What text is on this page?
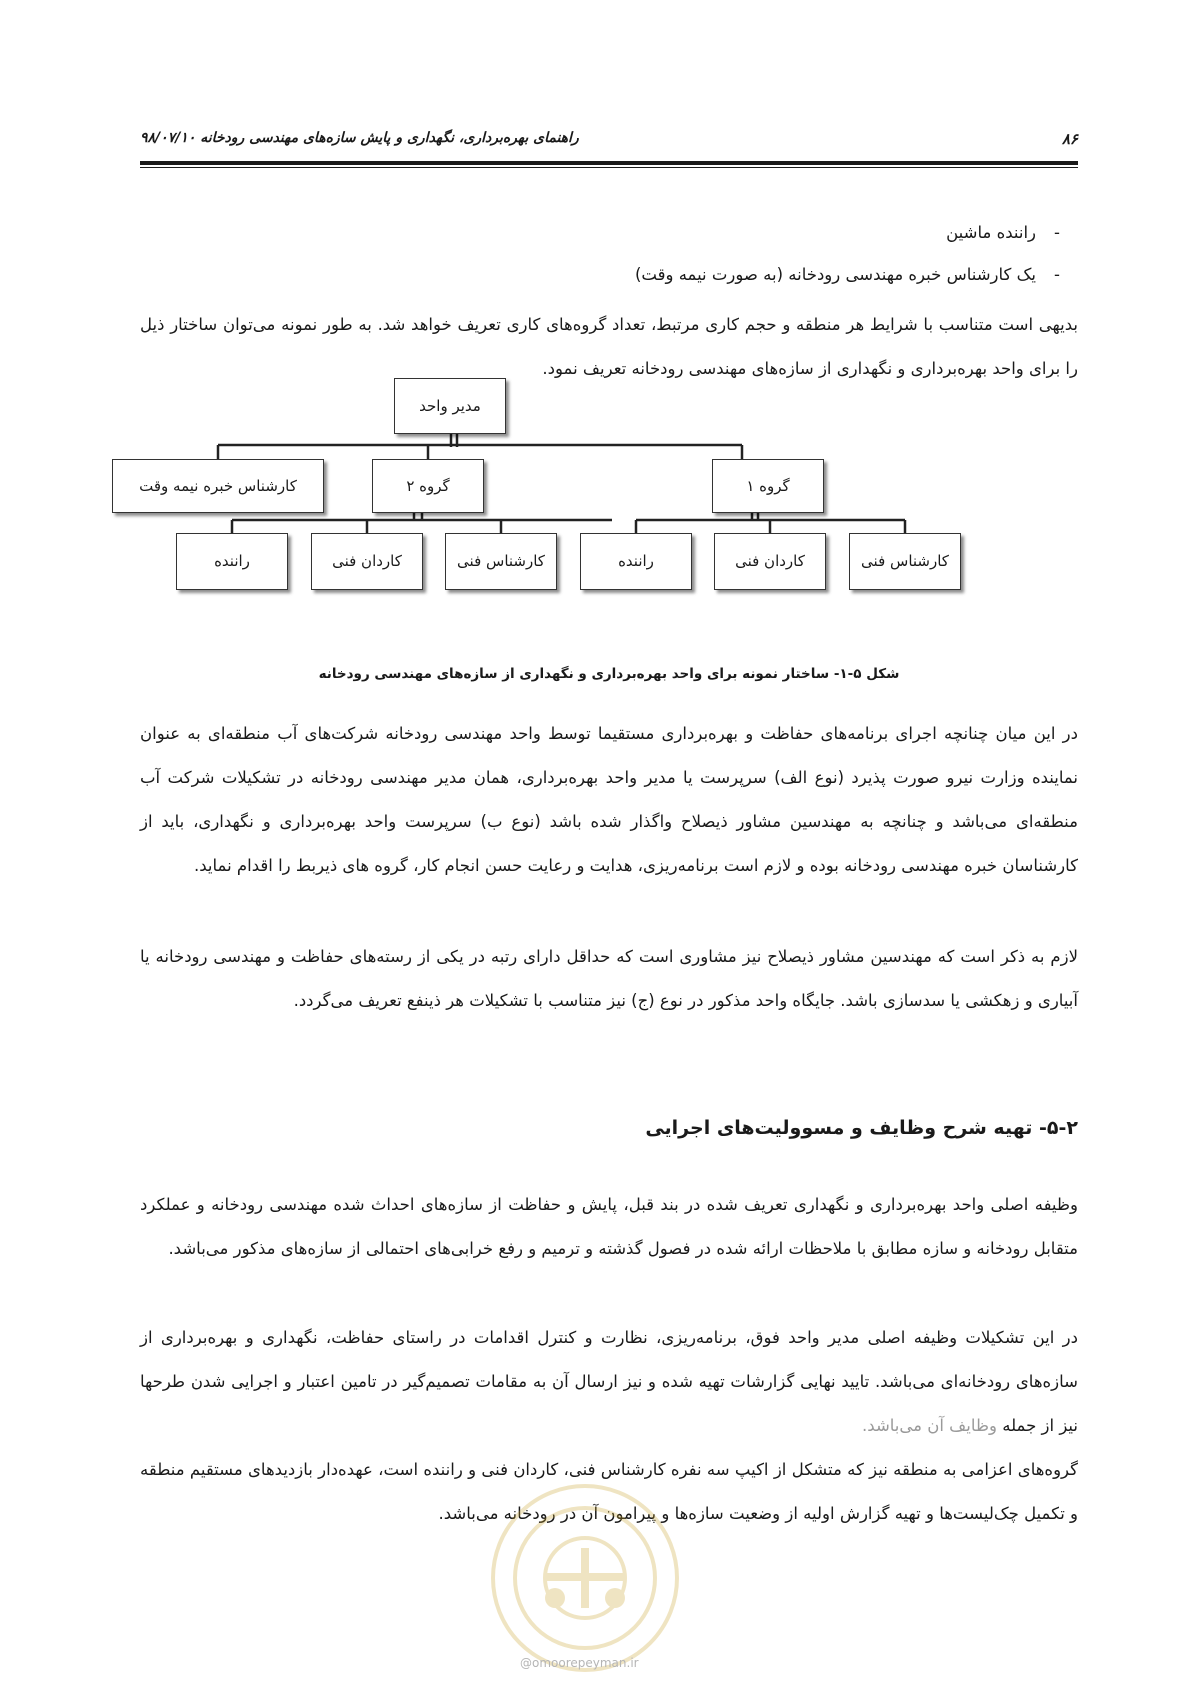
۸۶
راهنمای بهره‌برداری، نگهداری و پایش سازه‌های مهندسی رودخانه ۹۸/۰۷/۱۰
-راننده ماشین
-یک کارشناس خبره مهندسی رودخانه (به صورت نیمه وقت)
بدیهی است متناسب با شرایط هر منطقه و حجم کاری مرتبط، تعداد گروه‌های کاری تعریف خواهد شد. به طور نمونه می‌توان ساختار ذیل را برای واحد بهره‌برداری و نگهداری از سازه‌های مهندسی رودخانه تعریف نمود.
مدیر واحد
کارشناس خبره نیمه وقت	گروه ۲	گروه ۱
راننده	کاردان فنی	کارشناس فنی	راننده	کاردان فنی	کارشناس فنی
شکل ۵-۱- ساختار نمونه برای واحد بهره‌برداری و نگهداری از سازه‌های مهندسی رودخانه
در این میان چنانچه اجرای برنامه‌های حفاظت و بهره‌برداری مستقیما توسط واحد مهندسی رودخانه شرکت‌های آب منطقه‌ای به عنوان نماینده وزارت نیرو صورت پذیرد (نوع الف) سرپرست یا مدیر واحد بهره‌برداری، همان مدیر مهندسی رودخانه در تشکیلات شرکت آب منطقه‌ای می‌باشد و چنانچه به مهندسین مشاور ذیصلاح واگذار شده باشد (نوع ب) سرپرست واحد بهره‌برداری و نگهداری، باید از کارشناسان خبره مهندسی رودخانه بوده و لازم است برنامه‌ریزی، هدایت و رعایت حسن انجام کار، گروه های ذیربط را اقدام نماید.
لازم به ذکر است که مهندسین مشاور ذیصلاح نیز مشاوری است که حداقل دارای رتبه در یکی از رسته‌های حفاظت و مهندسی رودخانه یا آبیاری و زهکشی یا سدسازی باشد. جایگاه واحد مذکور در نوع (ج) نیز متناسب با تشکیلات هر ذینفع تعریف می‌گردد.
۵-۲- تهیه شرح وظایف و مسوولیت‌های اجرایی
وظیفه اصلی واحد بهره‌برداری و نگهداری تعریف شده در بند قبل، پایش و حفاظت از سازه‌های احداث شده مهندسی رودخانه و عملکرد متقابل رودخانه و سازه مطابق با ملاحظات ارائه شده در فصول گذشته و ترمیم و رفع خرابی‌های احتمالی از سازه‌های مذکور می‌باشد.
در این تشکیلات وظیفه اصلی مدیر واحد فوق، برنامه‌ریزی، نظارت و کنترل اقدامات در راستای حفاظت، نگهداری و بهره‌برداری از سازه‌های رودخانه‌ای می‌باشد. تایید نهایی گزارشات تهیه شده و نیز ارسال آن به مقامات تصمیم‌گیر در تامین اعتبار و اجرایی شدن طرحها نیز از جمله وظایف آن می‌باشد.
گروه‌های اعزامی به منطقه نیز که متشکل از اکیپ سه نفره کارشناس فنی، کاردان فنی و راننده است، عهده‌دار بازدیدهای مستقیم منطقه و تکمیل چک‌لیست‌ها و تهیه گزارش اولیه از وضعیت سازه‌ها و پیرامون آن در رودخانه می‌باشد.
@omoorepeyman.ir
